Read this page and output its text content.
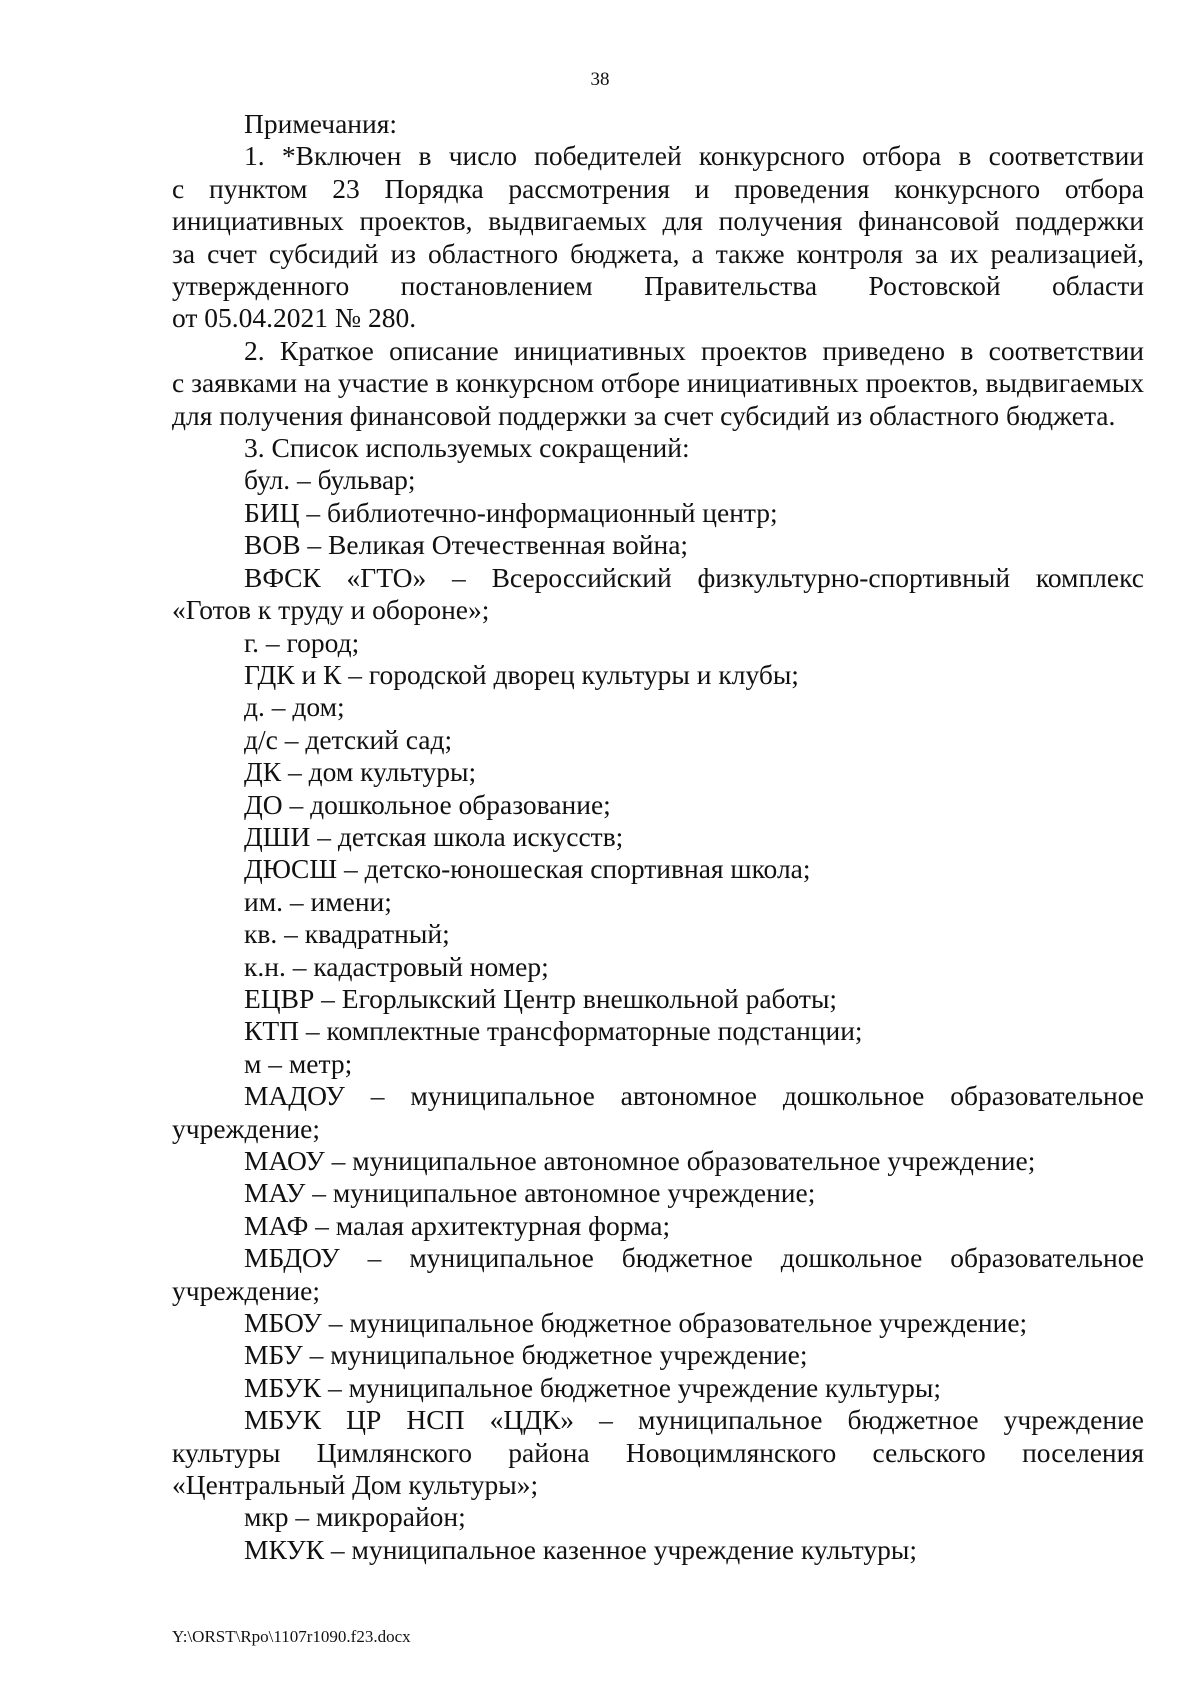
38
Примечания:
1. *Включен в число победителей конкурсного отбора в соответствии
с пунктом 23 Порядка рассмотрения и проведения конкурсного отбора
инициативных проектов, выдвигаемых для получения финансовой поддержки
за счет субсидий из областного бюджета, а также контроля за их реализацией,
утвержденного постановлением Правительства Ростовской области
от 05.04.2021 № 280.
2. Краткое описание инициативных проектов приведено в соответствии
с заявками на участие в конкурсном отборе инициативных проектов, выдвигаемых
для получения финансовой поддержки за счет субсидий из областного бюджета.
3. Список используемых сокращений:
бул. – бульвар;
БИЦ – библиотечно-информационный центр;
ВОВ – Великая Отечественная война;
ВФСК «ГТО» – Всероссийский физкультурно-спортивный комплекс
«Готов к труду и обороне»;
г. – город;
ГДК и К – городской дворец культуры и клубы;
д. – дом;
д/с – детский сад;
ДК – дом культуры;
ДО – дошкольное образование;
ДШИ – детская школа искусств;
ДЮСШ – детско-юношеская спортивная школа;
им. – имени;
кв. – квадратный;
к.н. – кадастровый номер;
ЕЦВР – Егорлыкский Центр внешкольной работы;
КТП – комплектные трансформаторные подстанции;
м – метр;
МАДОУ – муниципальное автономное дошкольное образовательное
учреждение;
МАОУ – муниципальное автономное образовательное учреждение;
МАУ – муниципальное автономное учреждение;
МАФ – малая архитектурная форма;
МБДОУ – муниципальное бюджетное дошкольное образовательное
учреждение;
МБОУ – муниципальное бюджетное образовательное учреждение;
МБУ – муниципальное бюджетное учреждение;
МБУК – муниципальное бюджетное учреждение культуры;
МБУК ЦР НСП «ЦДК» – муниципальное бюджетное учреждение
культуры Цимлянского района Новоцимлянского сельского поселения
«Центральный Дом культуры»;
мкр – микрорайон;
МКУК – муниципальное казенное учреждение культуры;
Y:\ORST\Rpo\1107r1090.f23.docx
